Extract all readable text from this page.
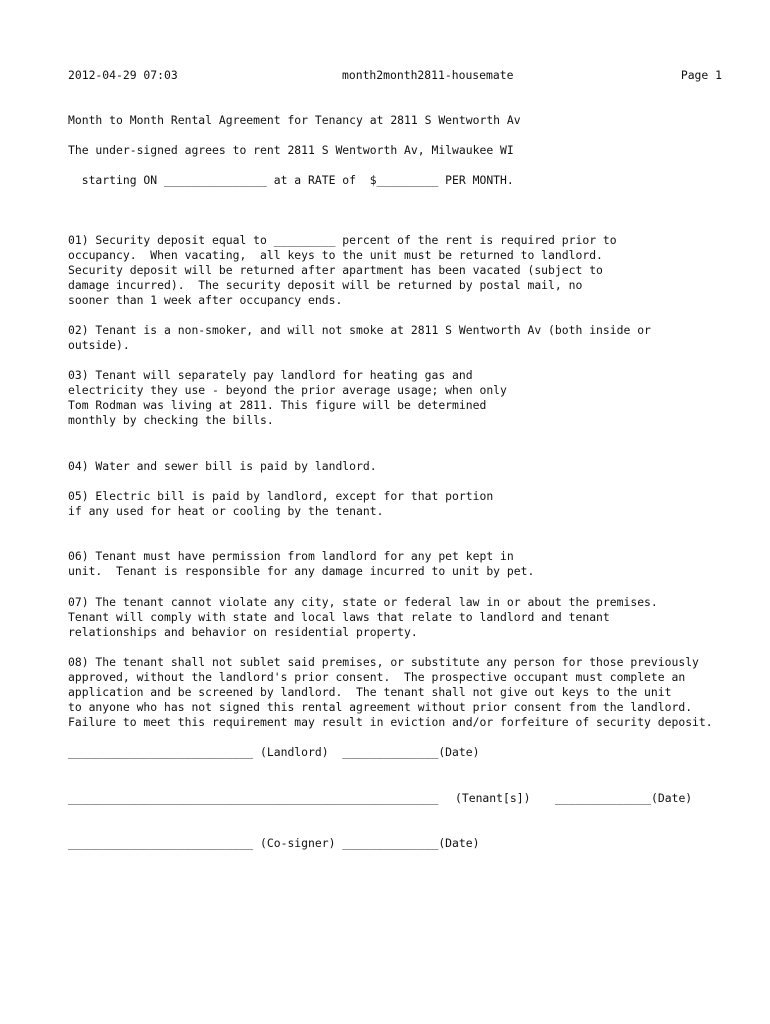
2012-04-29 07:03	month2month2811-housemate	Page 1
Month to Month Rental Agreement for Tenancy at 2811 S Wentworth Av
The under-signed agrees to rent 2811 S Wentworth Av, Milwaukee WI
starting ON _______________ at a RATE of  $_________ PER MONTH.
01) Security deposit equal to _________ percent of the rent is required prior to
occupancy.  When vacating,  all keys to the unit must be returned to landlord.
Security deposit will be returned after apartment has been vacated (subject to
damage incurred).  The security deposit will be returned by postal mail, no
sooner than 1 week after occupancy ends.
02) Tenant is a non-smoker, and will not smoke at 2811 S Wentworth Av (both inside or
outside).
03) Tenant will separately pay landlord for heating gas and
electricity they use - beyond the prior average usage; when only
Tom Rodman was living at 2811. This figure will be determined
monthly by checking the bills.
04) Water and sewer bill is paid by landlord.
05) Electric bill is paid by landlord, except for that portion
if any used for heat or cooling by the tenant.
06) Tenant must have permission from landlord for any pet kept in
unit.  Tenant is responsible for any damage incurred to unit by pet.
07) The tenant cannot violate any city, state or federal law in or about the premises.
Tenant will comply with state and local laws that relate to landlord and tenant
relationships and behavior on residential property.
08) The tenant shall not sublet said premises, or substitute any person for those previously
approved, without the landlord's prior consent.  The prospective occupant must complete an
application and be screened by landlord.  The tenant shall not give out keys to the unit
to anyone who has not signed this rental agreement without prior consent from the landlord.
Failure to meet this requirement may result in eviction and/or forfeiture of security deposit.
___________________________ (Landlord)  ______________(Date)
______________________________________________________ (Tenant[s]) ______________(Date)
___________________________ (Co-signer) ______________(Date)
